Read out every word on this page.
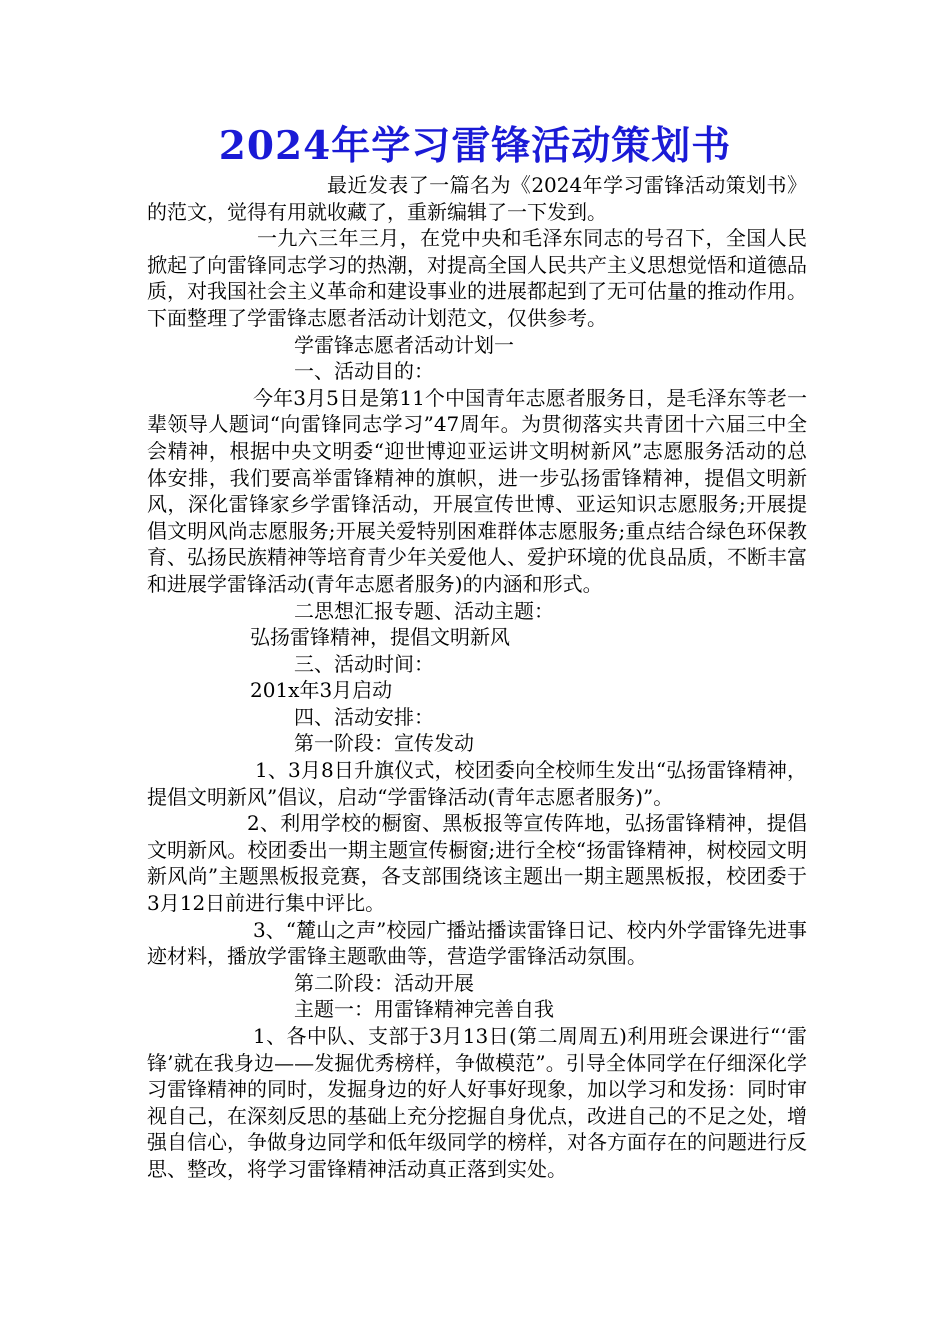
2024年学习雷锋活动策划书

最近发表了一篇名为《2024年学习雷锋活动策划书》的范文，觉得有用就收藏了，重新编辑了一下发到。

一九六三年三月，在党中央和毛泽东同志的号召下，全国人民掀起了向雷锋同志学习的热潮，对提高全国人民共产主义思想觉悟和道德品质，对我国社会主义革命和建设事业的进展都起到了无可估量的推动作用。下面整理了学雷锋志愿者活动计划范文，仅供参考。

学雷锋志愿者活动计划一

一、活动目的：

今年3月5日是第11个中国青年志愿者服务日，是毛泽东等老一辈领导人题词“向雷锋同志学习”47周年。为贯彻落实共青团十六届三中全会精神，根据中央文明委“迎世博迎亚运讲文明树新风”志愿服务活动的总体安排，我们要高举雷锋精神的旗帜，进一步弘扬雷锋精神，提倡文明新风，深化雷锋家乡学雷锋活动，开展宣传世博、亚运知识志愿服务;开展提倡文明风尚志愿服务;开展关爱特别困难群体志愿服务;重点结合绿色环保教育、弘扬民族精神等培育青少年关爱他人、爱护环境的优良品质，不断丰富和进展学雷锋活动(青年志愿者服务)的内涵和形式。

二思想汇报专题、活动主题：

弘扬雷锋精神，提倡文明新风

三、活动时间：

201x年3月启动

四、活动安排：

第一阶段：宣传发动

1、3月8日升旗仪式，校团委向全校师生发出“弘扬雷锋精神，提倡文明新风”倡议，启动“学雷锋活动(青年志愿者服务)”。

2、利用学校的橱窗、黑板报等宣传阵地，弘扬雷锋精神，提倡文明新风。校团委出一期主题宣传橱窗;进行全校“扬雷锋精神，树校园文明新风尚”主题黑板报竞赛，各支部围绕该主题出一期主题黑板报，校团委于3月12日前进行集中评比。

3、“麓山之声”校园广播站播读雷锋日记、校内外学雷锋先进事迹材料，播放学雷锋主题歌曲等，营造学雷锋活动氛围。

第二阶段：活动开展

主题一：用雷锋精神完善自我

1、各中队、支部于3月13日(第二周周五)利用班会课进行“‘雷锋’就在我身边——发掘优秀榜样，争做模范”。引导全体同学在仔细深化学习雷锋精神的同时，发掘身边的好人好事好现象，加以学习和发扬：同时审视自己，在深刻反思的基础上充分挖掘自身优点，改进自己的不足之处，增强自信心，争做身边同学和低年级同学的榜样，对各方面存在的问题进行反思、整改，将学习雷锋精神活动真正落到实处。
